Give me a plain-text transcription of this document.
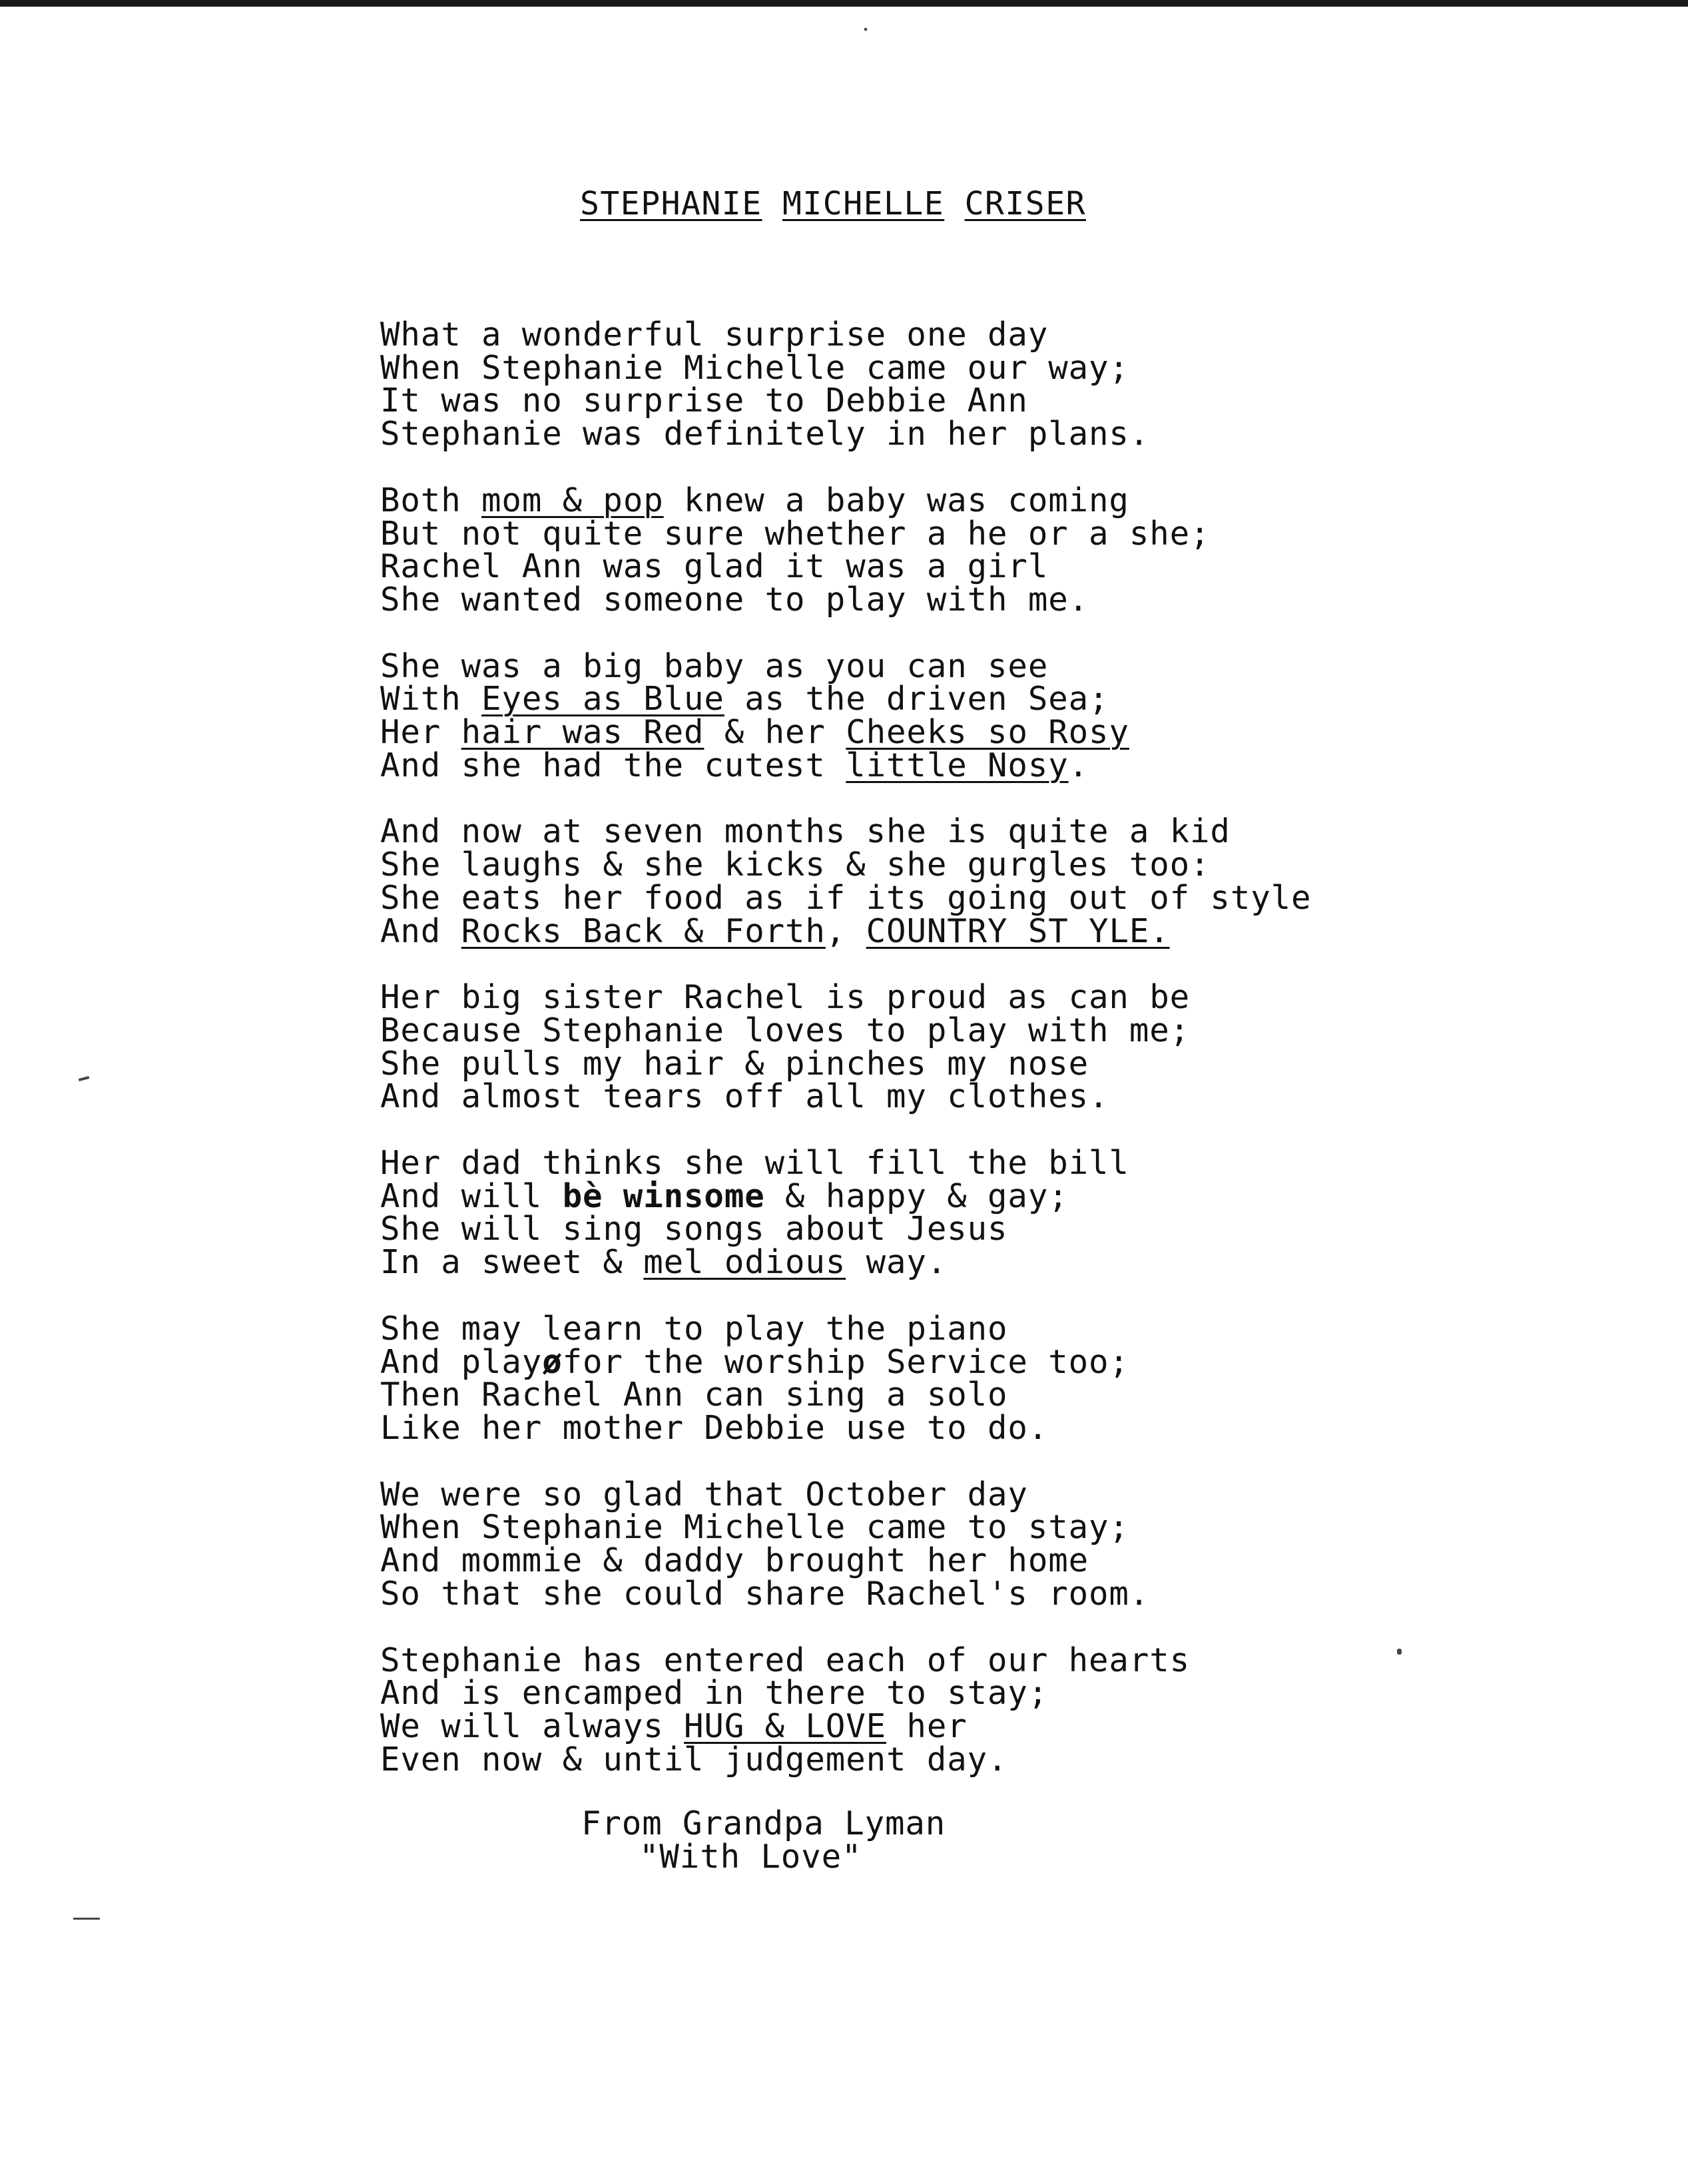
STEPHANIE MICHELLE CRISER
What a wonderful surprise one day
When Stephanie Michelle came our way;
It was no surprise to Debbie Ann
Stephanie was definitely in her plans.
Both mom & pop knew a baby was coming
But not quite sure whether a he or a she;
Rachel Ann was glad it was a girl
She wanted someone to play with me.
She was a big baby as you can see
With Eyes as Blue as the driven Sea;
Her hair was Red & her Cheeks so Rosy
And she had the cutest little Nosy.
And now at seven months she is quite a kid
She laughs & she kicks & she gurgles too:
She eats her food as if its going out of style
And Rocks Back & Forth, COUNTRY ST YLE.
Her big sister Rachel is proud as can be
Because Stephanie loves to play with me;
She pulls my hair & pinches my nose
And almost tears off all my clothes.
Her dad thinks she will fill the bill
And will bè winsome & happy & gay;
She will sing songs about Jesus
In a sweet & mel odious way.
She may learn to play the piano
And playøfor the worship Service too;
Then Rachel Ann can sing a solo
Like her mother Debbie use to do.
We were so glad that October day
When Stephanie Michelle came to stay;
And mommie & daddy brought her home
So that she could share Rachel's room.
Stephanie has entered each of our hearts
And is encamped in there to stay;
We will always HUG & LOVE her
Even now & until judgement day.
From Grandpa Lyman
"With Love"
